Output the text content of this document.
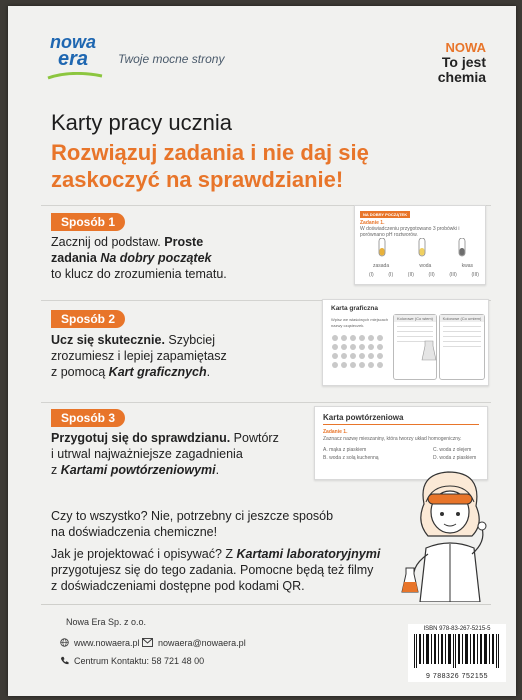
nowa
era	Twoje mocne strony
NOWA
To jest
chemia
Karty pracy ucznia
Rozwiązuj zadania i nie daj się zaskoczyć na sprawdzianie!
Sposób 1
Zacznij od podstaw. Proste
zadania Na dobry początek
to klucz do zrozumienia tematu.
NA DOBRY POCZĄTEK
Zadanie 1.
W doświadczeniu przygotowano 3 probówki i porównano pH roztworów.
zasada	woda	kwas
(I)	(I)	(II)	(II)	(III)	(III)
Sposób 2
Ucz się skutecznie. Szybciej
zrozumiesz i lepiej zapamiętasz
z pomocą Kart graficznych.
Karta graficzna
Wpisz we właściwych miejscach nazwy cząsteczek.
Kolorowe (Co wiem)	Kolorowe (Co umiem)
Sposób 3
Przygotuj się do sprawdzianu. Powtórz
i utrwal najważniejsze zagadnienia
z Kartami powtórzeniowymi.
Karta powtórzeniowa
Zadanie 1.
Zaznacz nazwę mieszaniny, która tworzy układ homogeniczny.
A. mąka z piaskiem
B. woda z solą kuchenną
C. woda z olejem
D. woda z piaskiem
Czy to wszystko? Nie, potrzebny ci jeszcze sposób
na doświadczenia chemiczne!
Jak je projektować i opisywać? Z Kartami laboratoryjnymi
przygotujesz się do tego zadania. Pomocne będą też filmy
z doświadczeniami dostępne pod kodami QR.
Nowa Era Sp. z o.o.
www.nowaera.pl nowaera@nowaera.pl
Centrum Kontaktu: 58 721 48 00
ISBN 978-83-267-5215-5
9 788326 752155
